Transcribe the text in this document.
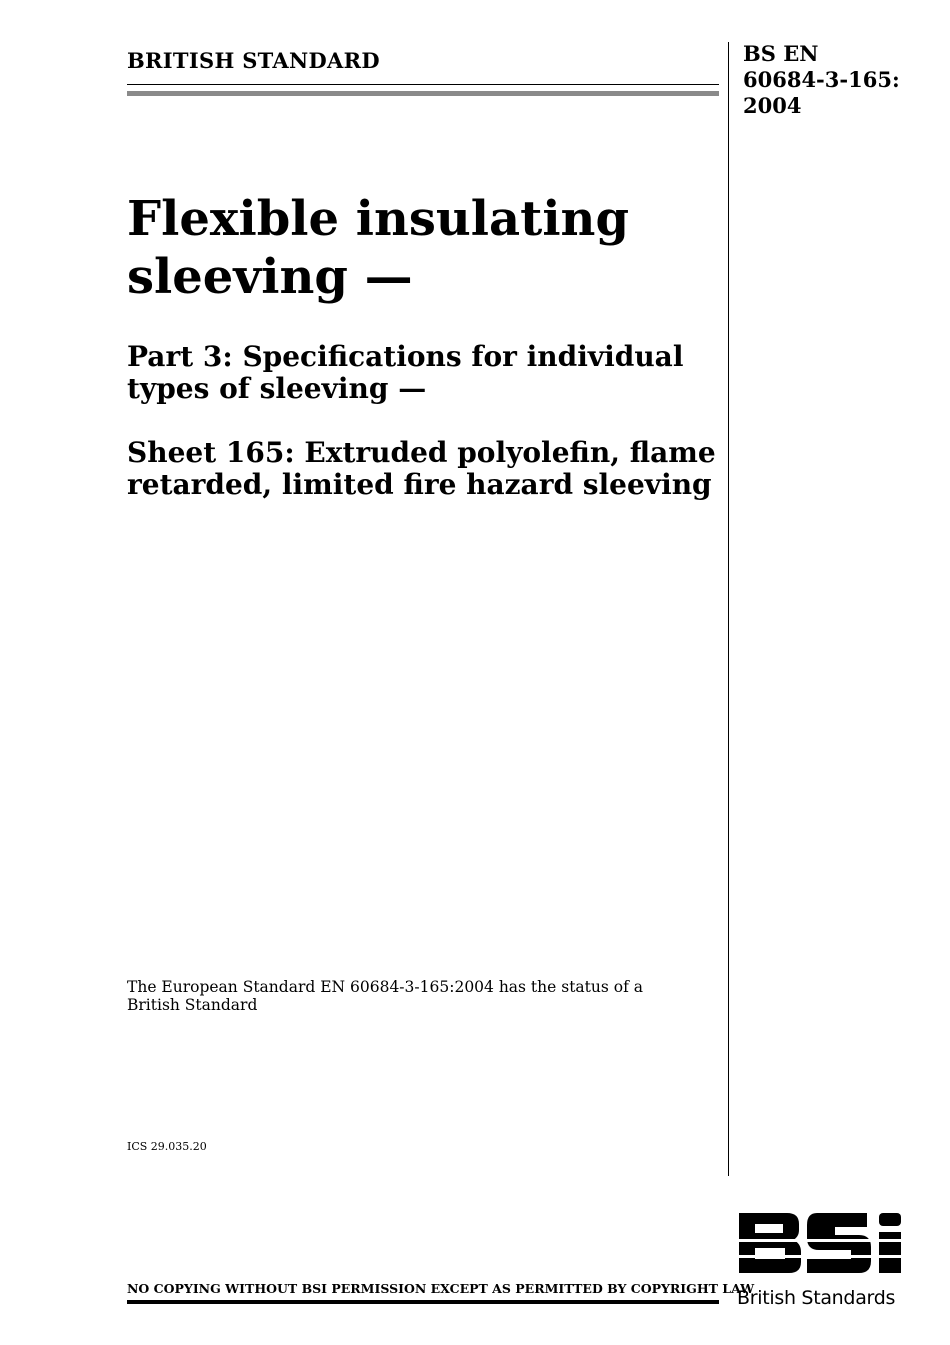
BRITISH STANDARD	BS EN
60684-3-165:
2004
Flexible insulating
sleeving —
Part 3: Specifications for individual
types of sleeving —
Sheet 165: Extruded polyolefin, flame
retarded, limited fire hazard sleeving
The European Standard EN 60684-3-165:2004 has the status of a
British Standard
ICS 29.035.20
NO COPYING WITHOUT BSI PERMISSION EXCEPT AS PERMITTED BY COPYRIGHT LAW
British Standards
